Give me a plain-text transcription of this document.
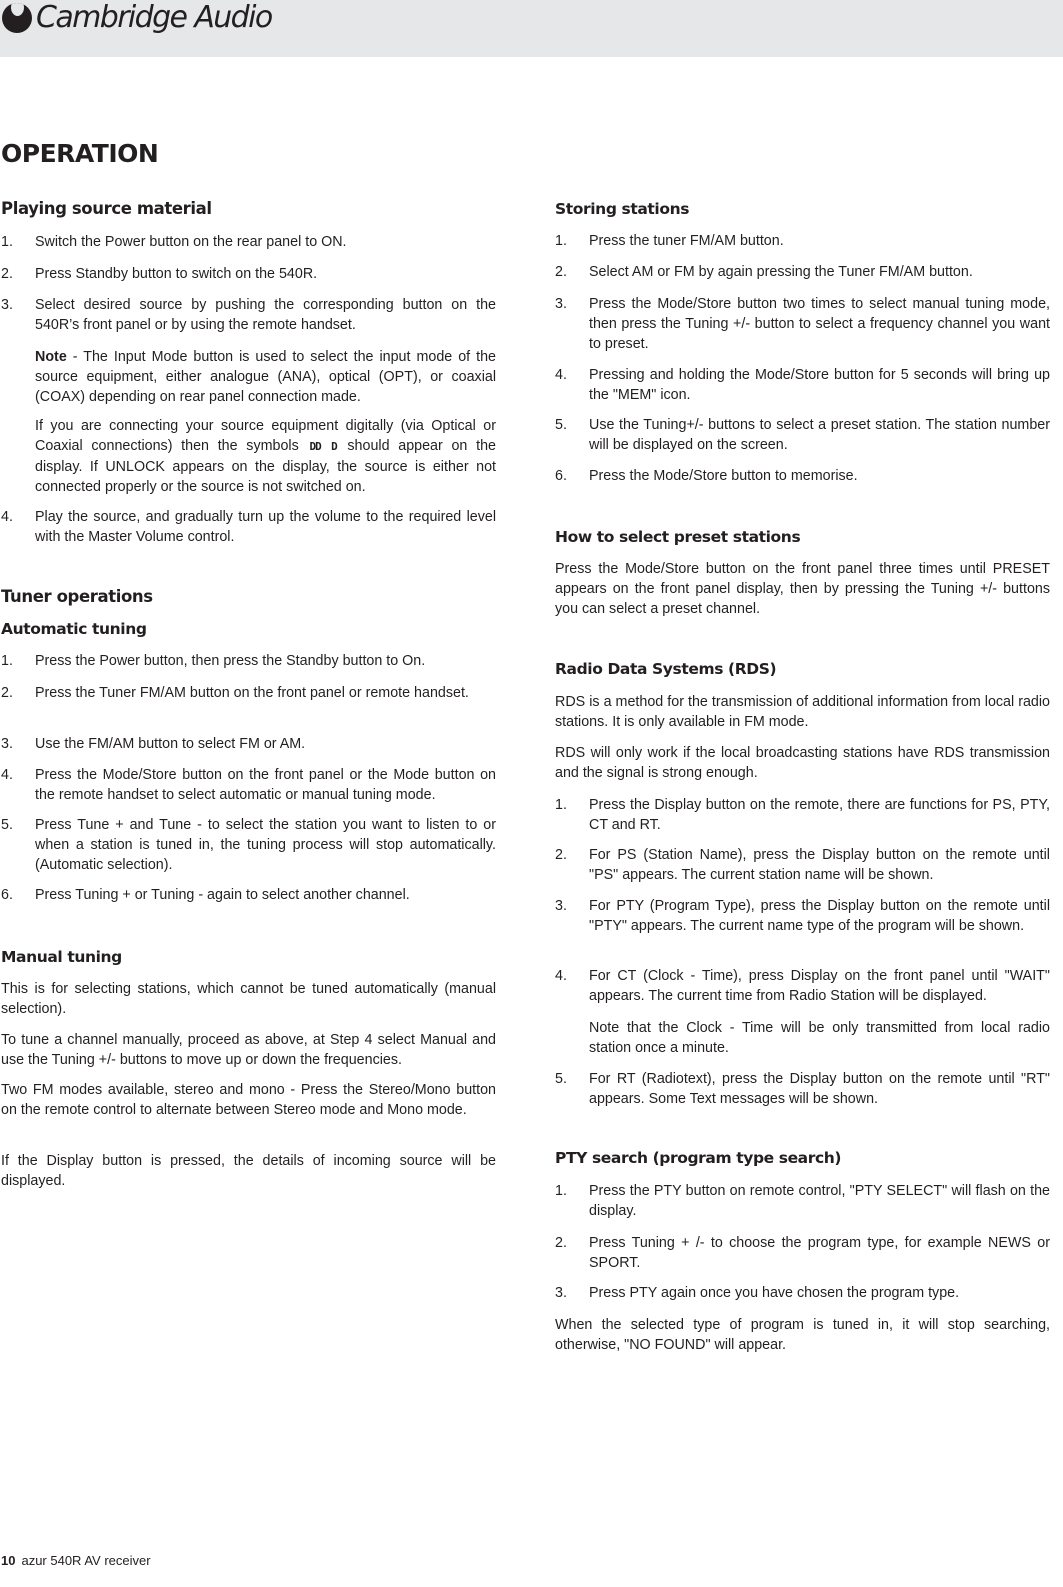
Cambridge Audio
OPERATION
Playing source material
1. Switch the Power button on the rear panel to ON.
2. Press Standby button to switch on the 540R.
3. Select desired source by pushing the corresponding button on the 540R’s front panel or by using the remote handset.
Note - The Input Mode button is used to select the input mode of the source equipment, either analogue (ANA), optical (OPT), or coaxial (COAX) depending on rear panel connection made.
If you are connecting your source equipment digitally (via Optical or Coaxial connections) then the symbols DD D should appear on the display. If UNLOCK appears on the display, the source is either not connected properly or the source is not switched on.
4. Play the source, and gradually turn up the volume to the required level with the Master Volume control.
Tuner operations
Automatic tuning
1. Press the Power button, then press the Standby button to On.
2. Press the Tuner FM/AM button on the front panel or remote handset.
3. Use the FM/AM button to select FM or AM.
4. Press the Mode/Store button on the front panel or the Mode button on the remote handset to select automatic or manual tuning mode.
5. Press Tune + and Tune - to select the station you want to listen to or when a station is tuned in, the tuning process will stop automatically. (Automatic selection).
6. Press Tuning + or Tuning - again to select another channel.
Manual tuning
This is for selecting stations, which cannot be tuned automatically (manual selection).
To tune a channel manually, proceed as above, at Step 4 select Manual and use the Tuning +/- buttons to move up or down the frequencies.
Two FM modes available, stereo and mono - Press the Stereo/Mono button on the remote control to alternate between Stereo mode and Mono mode.
If the Display button is pressed, the details of incoming source will be displayed.
Storing stations
1. Press the tuner FM/AM button.
2. Select AM or FM by again pressing the Tuner FM/AM button.
3. Press the Mode/Store button two times to select manual tuning mode, then press the Tuning +/- button to select a frequency channel you want to preset.
4. Pressing and holding the Mode/Store button for 5 seconds will bring up the "MEM" icon.
5. Use the Tuning+/- buttons to select a preset station. The station number will be displayed on the screen.
6. Press the Mode/Store button to memorise.
How to select preset stations
Press the Mode/Store button on the front panel three times until PRESET appears on the front panel display, then by pressing the Tuning +/- buttons you can select a preset channel.
Radio Data Systems (RDS)
RDS is a method for the transmission of additional information from local radio stations. It is only available in FM mode.
RDS will only work if the local broadcasting stations have RDS transmission and the signal is strong enough.
1. Press the Display button on the remote, there are functions for PS, PTY, CT and RT.
2. For PS (Station Name), press the Display button on the remote until "PS" appears. The current station name will be shown.
3. For PTY (Program Type), press the Display button on the remote until "PTY" appears. The current name type of the program will be shown.
4. For CT (Clock - Time), press Display on the front panel until "WAIT" appears. The current time from Radio Station will be displayed.
Note that the Clock - Time will be only transmitted from local radio station once a minute.
5. For RT (Radiotext), press the Display button on the remote until "RT" appears. Some Text messages will be shown.
PTY search (program type search)
1. Press the PTY button on remote control, "PTY SELECT" will flash on the display.
2. Press Tuning + /- to choose the program type, for example NEWS or SPORT.
3. Press PTY again once you have chosen the program type.
When the selected type of program is tuned in, it will stop searching, otherwise, "NO FOUND" will appear.
10 azur 540R AV receiver
